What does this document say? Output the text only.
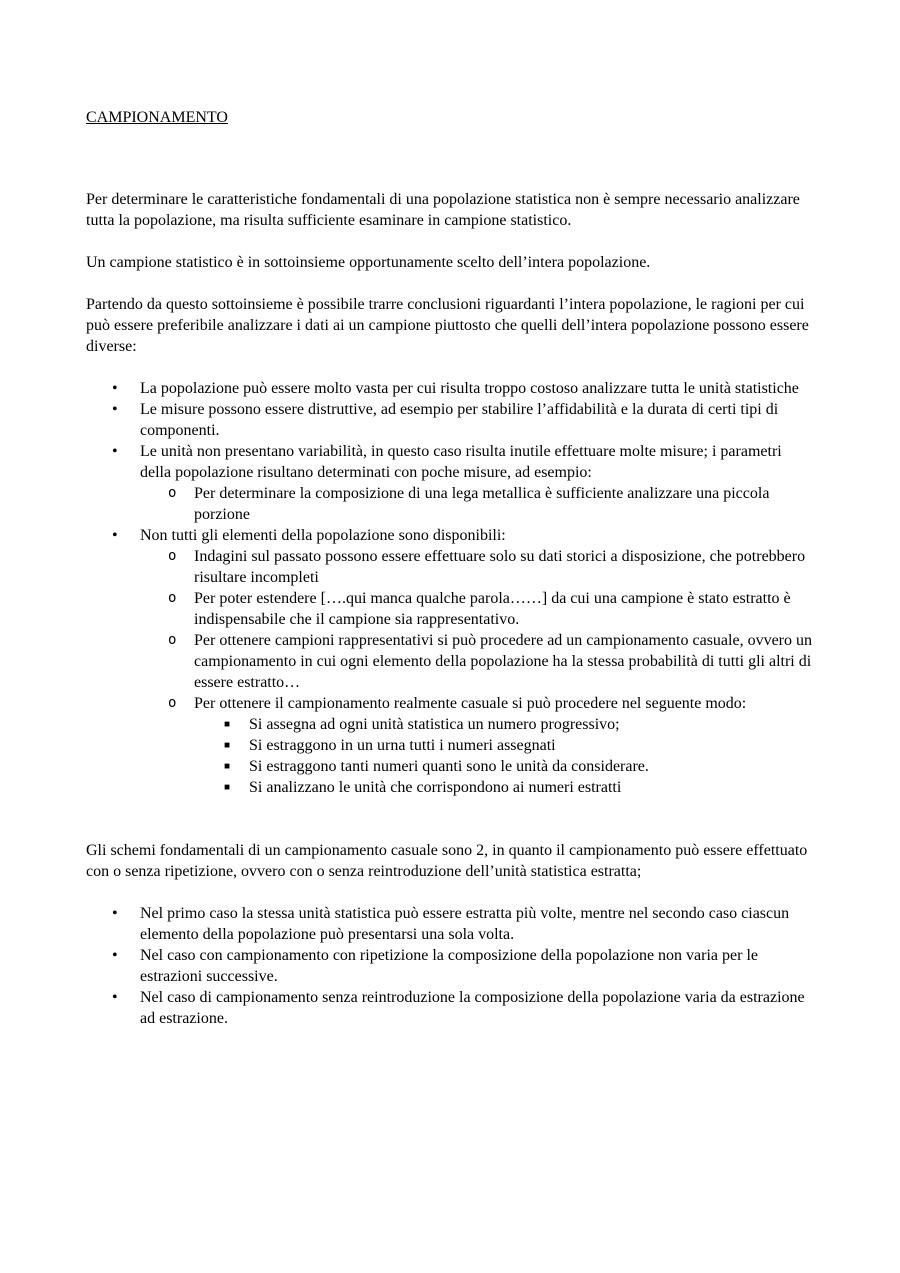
CAMPIONAMENTO

Per determinare le caratteristiche fondamentali di una popolazione statistica non è sempre necessario analizzare tutta la popolazione, ma risulta sufficiente esaminare in campione statistico.

Un campione statistico è in sottoinsieme opportunamente scelto dell’intera popolazione.

Partendo da questo sottoinsieme è possibile trarre conclusioni riguardanti l’intera popolazione, le ragioni per cui può essere preferibile analizzare i dati ai un campione piuttosto che quelli dell’intera popolazione possono essere diverse:

• La popolazione può essere molto vasta per cui risulta troppo costoso analizzare tutta le unità statistiche
• Le misure possono essere distruttive, ad esempio per stabilire l’affidabilità e la durata di certi tipi di componenti.
• Le unità non presentano variabilità, in questo caso risulta inutile effettuare molte misure; i parametri della popolazione risultano determinati con poche misure, ad esempio:
o Per determinare la composizione di una lega metallica è sufficiente analizzare una piccola porzione
• Non tutti gli elementi della popolazione sono disponibili:
o Indagini sul passato possono essere effettuare solo su dati storici a disposizione, che potrebbero risultare incompleti
o Per poter estendere [….qui manca qualche parola……] da cui una campione è stato estratto è indispensabile che il campione sia rappresentativo.
o Per ottenere campioni rappresentativi si può procedere ad un campionamento casuale, ovvero un campionamento in cui ogni elemento della popolazione ha la stessa probabilità di tutti gli altri di essere estratto…
o Per ottenere il campionamento realmente casuale si può procedere nel seguente modo:
■ Si assegna ad ogni unità statistica un numero progressivo;
■ Si estraggono in un urna tutti i numeri assegnati
■ Si estraggono tanti numeri quanti sono le unità da considerare.
■ Si analizzano le unità che corrispondono ai numeri estratti

Gli schemi fondamentali di un campionamento casuale sono 2, in quanto il campionamento può essere effettuato con o senza ripetizione, ovvero con o senza reintroduzione dell’unità statistica estratta;

• Nel primo caso la stessa unità statistica può essere estratta più volte, mentre nel secondo caso ciascun elemento della popolazione può presentarsi una sola volta.
• Nel caso con campionamento con ripetizione la composizione della popolazione non varia per le estrazioni successive.
• Nel caso di campionamento senza reintroduzione la composizione della popolazione varia da estrazione ad estrazione.
